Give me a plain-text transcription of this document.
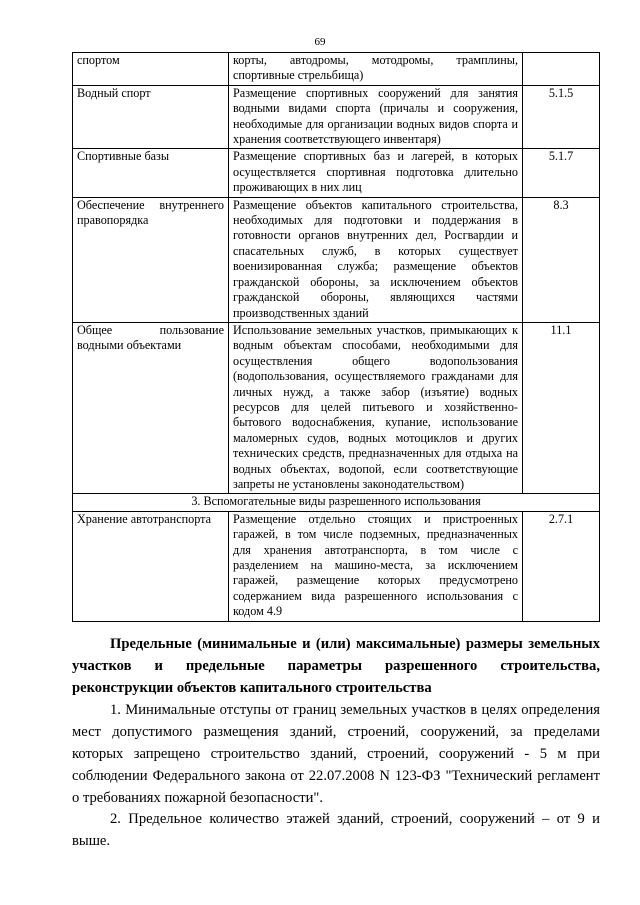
69
спортом	корты, автодромы, мотодромы, трамплины, спортивные стрельбища)	
Водный спорт	Размещение спортивных сооружений для занятия водными видами спорта (причалы и сооружения, необходимые для организации водных видов спорта и хранения соответствующего инвентаря)	5.1.5
Спортивные базы	Размещение спортивных баз и лагерей, в которых осуществляется спортивная подготовка длительно проживающих в них лиц	5.1.7
Обеспечение внутреннего правопорядка	Размещение объектов капитального строительства, необходимых для подготовки и поддержания в готовности органов внутренних дел, Росгвардии и спасательных служб, в которых существует военизированная служба; размещение объектов гражданской обороны, за исключением объектов гражданской обороны, являющихся частями производственных зданий	8.3
Общее пользование водными объектами	Использование земельных участков, примыкающих к водным объектам способами, необходимыми для осуществления общего водопользования (водопользования, осуществляемого гражданами для личных нужд, а также забор (изъятие) водных ресурсов для целей питьевого и хозяйственно-бытового водоснабжения, купание, использование маломерных судов, водных мотоциклов и других технических средств, предназначенных для отдыха на водных объектах, водопой, если соответствующие запреты не установлены законодательством)	11.1
3. Вспомогательные виды разрешенного использования		
Хранение автотранспорта	Размещение отдельно стоящих и пристроенных гаражей, в том числе подземных, предназначенных для хранения автотранспорта, в том числе с разделением на машино-места, за исключением гаражей, размещение которых предусмотрено содержанием вида разрешенного использования с кодом 4.9	2.7.1
Предельные (минимальные и (или) максимальные) размеры земельных участков и предельные параметры разрешенного строительства, реконструкции объектов капитального строительства
1. Минимальные отступы от границ земельных участков в целях определения мест допустимого размещения зданий, строений, сооружений, за пределами которых запрещено строительство зданий, строений, сооружений - 5 м при соблюдении Федерального закона от 22.07.2008 N 123-ФЗ "Технический регламент о требованиях пожарной безопасности".
2. Предельное количество этажей зданий, строений, сооружений – от 9 и выше.
